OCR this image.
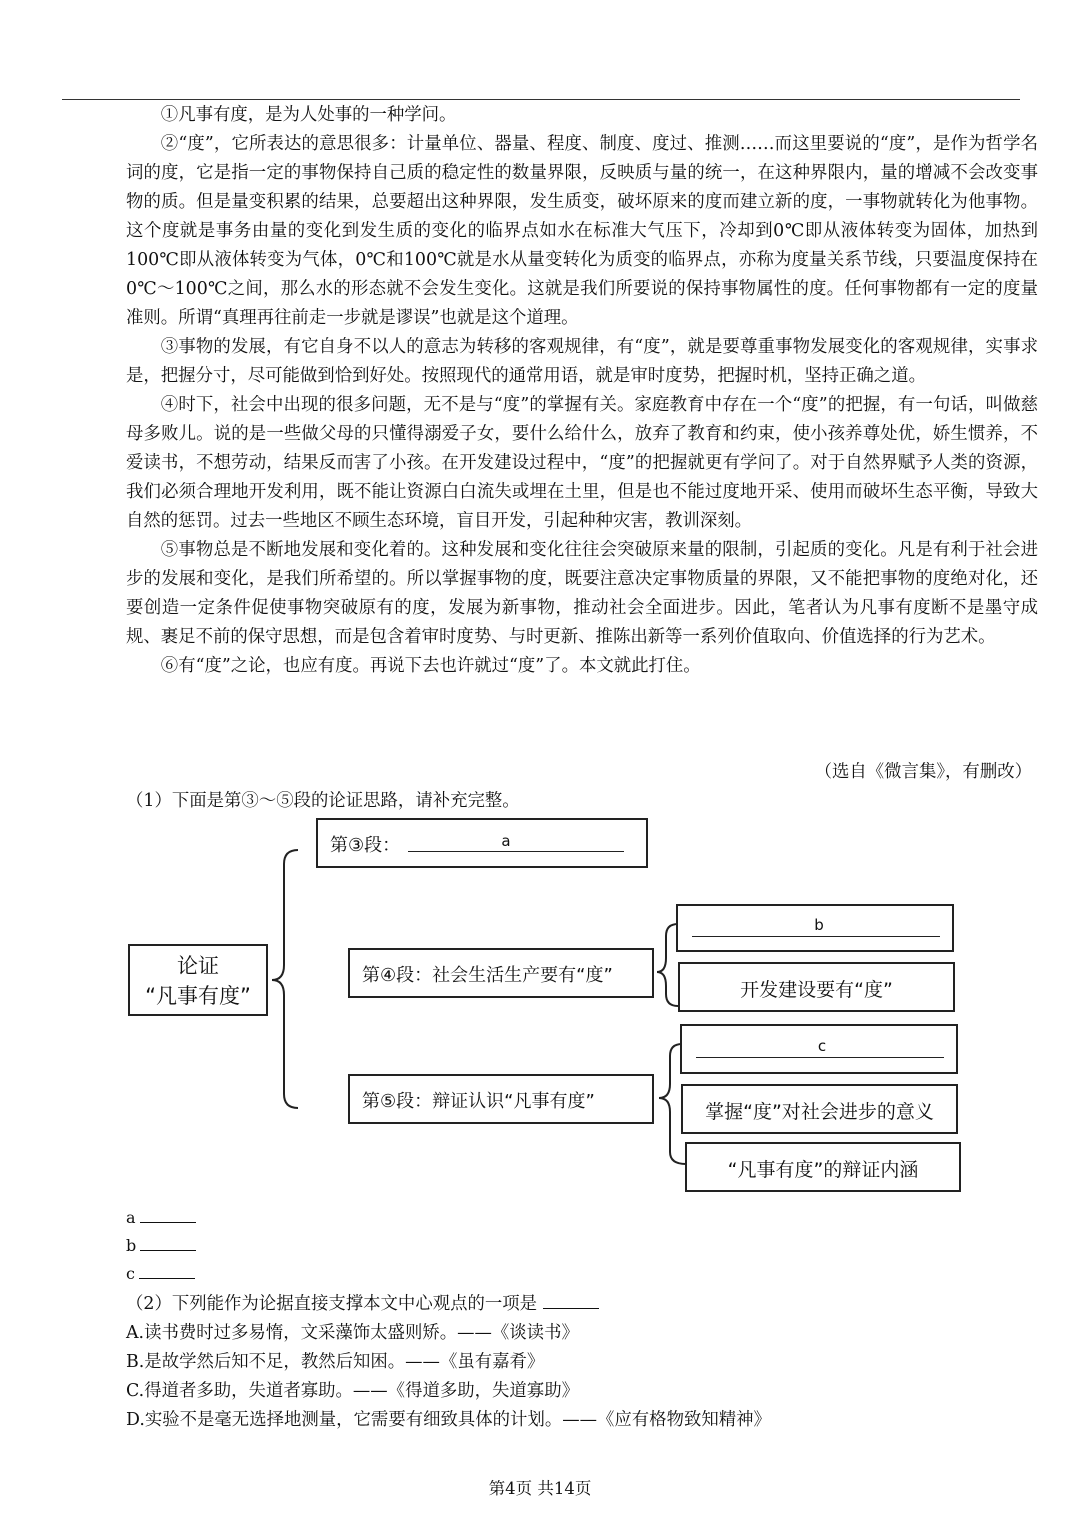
①凡事有度，是为人处事的一种学问。

②“度”，它所表达的意思很多：计量单位、器量、程度、制度、度过、推测……而这里要说的“度”，是作为哲学名词的度，它是指一定的事物保持自己质的稳定性的数量界限，反映质与量的统一，在这种界限内，量的增减不会改变事物的质。但是量变积累的结果，总要超出这种界限，发生质变，破坏原来的度而建立新的度，一事物就转化为他事物。这个度就是事务由量的变化到发生质的变化的临界点如水在标准大气压下，冷却到0℃即从液体转变为固体，加热到100℃即从液体转变为气体，0℃和100℃就是水从量变转化为质变的临界点，亦称为度量关系节线，只要温度保持在0℃～100℃之间，那么水的形态就不会发生变化。这就是我们所要说的保持事物属性的度。任何事物都有一定的度量准则。所谓“真理再往前走一步就是谬误”也就是这个道理。

③事物的发展，有它自身不以人的意志为转移的客观规律，有“度”，就是要尊重事物发展变化的客观规律，实事求是，把握分寸，尽可能做到恰到好处。按照现代的通常用语，就是审时度势，把握时机，坚持正确之道。

④时下，社会中出现的很多问题，无不是与“度”的掌握有关。家庭教育中存在一个“度”的把握，有一句话，叫做慈母多败儿。说的是一些做父母的只懂得溺爱子女，要什么给什么，放弃了教育和约束，使小孩养尊处优，娇生惯养，不爱读书，不想劳动，结果反而害了小孩。在开发建设过程中，“度”的把握就更有学问了。对于自然界赋予人类的资源，我们必须合理地开发利用，既不能让资源白白流失或埋在土里，但是也不能过度地开采、使用而破坏生态平衡，导致大自然的惩罚。过去一些地区不顾生态环境，盲目开发，引起种种灾害，教训深刻。

⑤事物总是不断地发展和变化着的。这种发展和变化往往会突破原来量的限制，引起质的变化。凡是有利于社会进步的发展和变化，是我们所希望的。所以掌握事物的度，既要注意决定事物质量的界限，又不能把事物的度绝对化，还要创造一定条件促使事物突破原有的度，发展为新事物，推动社会全面进步。因此，笔者认为凡事有度断不是墨守成规、裹足不前的保守思想，而是包含着审时度势、与时更新、推陈出新等一系列价值取向、价值选择的行为艺术。

⑥有“度”之论，也应有度。再说下去也许就过“度”了。本文就此打住。

（选自《微言集》，有删改）
（1）下面是第③～⑤段的论证思路，请补充完整。
论证
“凡事有度”
第③段：	a
第④段：社会生活生产要有“度”
b
开发建设要有“度”
第⑤段：辩证认识“凡事有度”
c
掌握“度”对社会进步的意义
“凡事有度”的辩证内涵
a
b
c
（2）下列能作为论据直接支撑本文中心观点的一项是
A.读书费时过多易惰，文采藻饰太盛则矫。——《谈读书》
B.是故学然后知不足，教然后知困。——《虽有嘉肴》
C.得道者多助，失道者寡助。——《得道多助，失道寡助》
D.实验不是毫无选择地测量，它需要有细致具体的计划。——《应有格物致知精神》
第4页 共14页
